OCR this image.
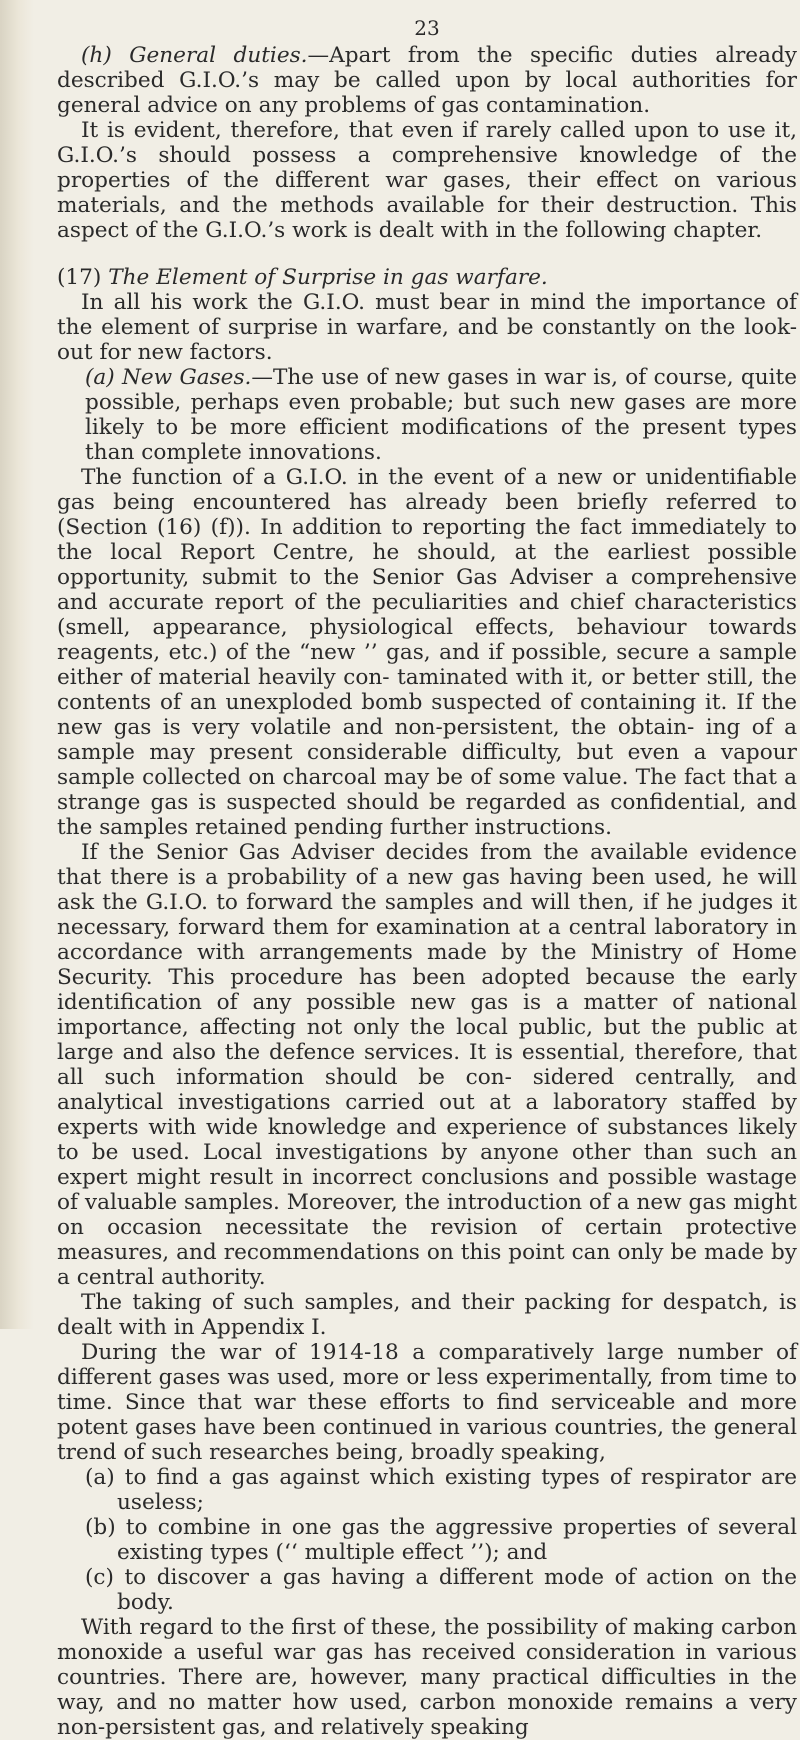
23

(h) General duties.—Apart from the specific duties already described G.I.O.’s may be called upon by local authorities for general advice on any problems of gas contamination.

It is evident, therefore, that even if rarely called upon to use it, G.I.O.’s should possess a comprehensive knowledge of the properties of the different war gases, their effect on various materials, and the methods available for their destruction. This aspect of the G.I.O.’s work is dealt with in the following chapter.

(17) The Element of Surprise in gas warfare.

In all his work the G.I.O. must bear in mind the importance of the element of surprise in warfare, and be constantly on the look-out for new factors.

(a) New Gases.—The use of new gases in war is, of course, quite possible, perhaps even probable; but such new gases are more likely to be more efficient modifications of the present types than complete innovations.

The function of a G.I.O. in the event of a new or unidentifiable gas being encountered has already been briefly referred to (Section (16) (f)). In addition to reporting the fact immediately to the local Report Centre, he should, at the earliest possible opportunity, submit to the Senior Gas Adviser a comprehensive and accurate report of the peculiarities and chief characteristics (smell, appearance, physiological effects, behaviour towards reagents, etc.) of the “new ’’ gas, and if possible, secure a sample either of material heavily con- taminated with it, or better still, the contents of an unexploded bomb suspected of containing it. If the new gas is very volatile and non-persistent, the obtain- ing of a sample may present considerable difficulty, but even a vapour sample collected on charcoal may be of some value. The fact that a strange gas is suspected should be regarded as confidential, and the samples retained pending further instructions.

If the Senior Gas Adviser decides from the available evidence that there is a probability of a new gas having been used, he will ask the G.I.O. to forward the samples and will then, if he judges it necessary, forward them for examination at a central laboratory in accordance with arrangements made by the Ministry of Home Security. This procedure has been adopted because the early identification of any possible new gas is a matter of national importance, affecting not only the local public, but the public at large and also the defence services. It is essential, therefore, that all such information should be con- sidered centrally, and analytical investigations carried out at a laboratory staffed by experts with wide knowledge and experience of substances likely to be used. Local investigations by anyone other than such an expert might result in incorrect conclusions and possible wastage of valuable samples. Moreover, the introduction of a new gas might on occasion necessitate the revision of certain protective measures, and recommendations on this point can only be made by a central authority.

The taking of such samples, and their packing for despatch, is dealt with in Appendix I.

During the war of 1914-18 a comparatively large number of different gases was used, more or less experimentally, from time to time. Since that war these efforts to find serviceable and more potent gases have been continued in various countries, the general trend of such researches being, broadly speaking,

(a) to find a gas against which existing types of respirator are useless;

(b) to combine in one gas the aggressive properties of several existing types (‘‘ multiple effect ’’); and

(c) to discover a gas having a different mode of action on the body.

With regard to the first of these, the possibility of making carbon monoxide a useful war gas has received consideration in various countries. There are, however, many practical difficulties in the way, and no matter how used, carbon monoxide remains a very non-persistent gas, and relatively speaking
